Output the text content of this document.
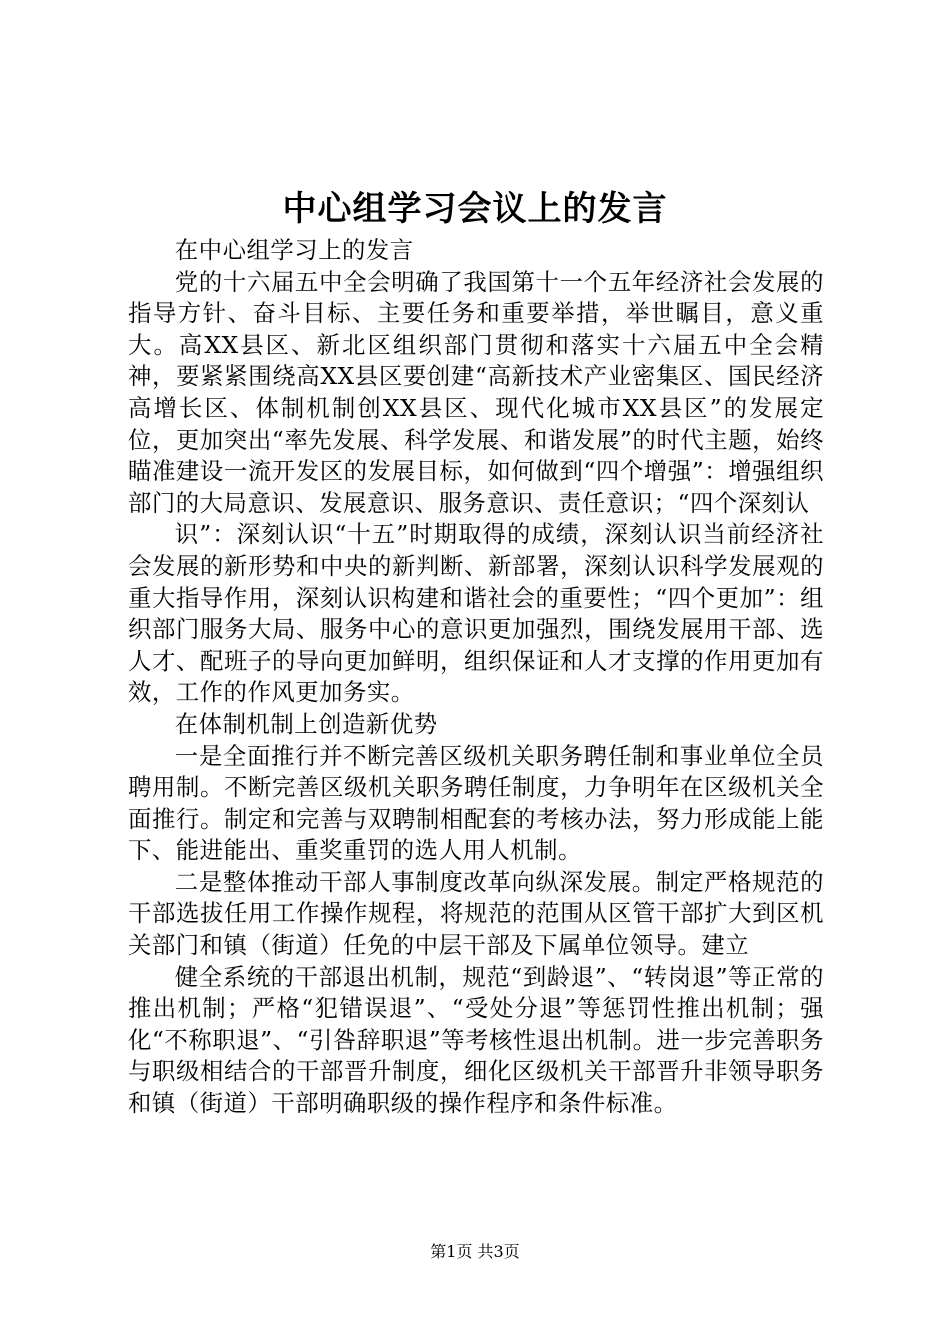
中心组学习会议上的发言

在中心组学习上的发言

党的十六届五中全会明确了我国第十一个五年经济社会发展的指导方针、奋斗目标、主要任务和重要举措，举世瞩目，意义重大。高XX县区、新北区组织部门贯彻和落实十六届五中全会精神，要紧紧围绕高XX县区要创建“高新技术产业密集区、国民经济高增长区、体制机制创XX县区、现代化城市XX县区”的发展定位，更加突出“率先发展、科学发展、和谐发展”的时代主题，始终瞄准建设一流开发区的发展目标，如何做到“四个增强”：增强组织部门的大局意识、发展意识、服务意识、责任意识；“四个深刻认

识”：深刻认识“十五”时期取得的成绩，深刻认识当前经济社会发展的新形势和中央的新判断、新部署，深刻认识科学发展观的重大指导作用，深刻认识构建和谐社会的重要性；“四个更加”：组织部门服务大局、服务中心的意识更加强烈，围绕发展用干部、选人才、配班子的导向更加鲜明，组织保证和人才支撑的作用更加有效，工作的作风更加务实。

在体制机制上创造新优势

一是全面推行并不断完善区级机关职务聘任制和事业单位全员聘用制。不断完善区级机关职务聘任制度，力争明年在区级机关全面推行。制定和完善与双聘制相配套的考核办法，努力形成能上能下、能进能出、重奖重罚的选人用人机制。

二是整体推动干部人事制度改革向纵深发展。制定严格规范的干部选拔任用工作操作规程，将规范的范围从区管干部扩大到区机关部门和镇（街道）任免的中层干部及下属单位领导。建立

健全系统的干部退出机制，规范“到龄退”、“转岗退”等正常的推出机制；严格“犯错误退”、“受处分退”等惩罚性推出机制；强化“不称职退”、“引咎辞职退”等考核性退出机制。进一步完善职务与职级相结合的干部晋升制度，细化区级机关干部晋升非领导职务和镇（街道）干部明确职级的操作程序和条件标准。

第1页 共3页
